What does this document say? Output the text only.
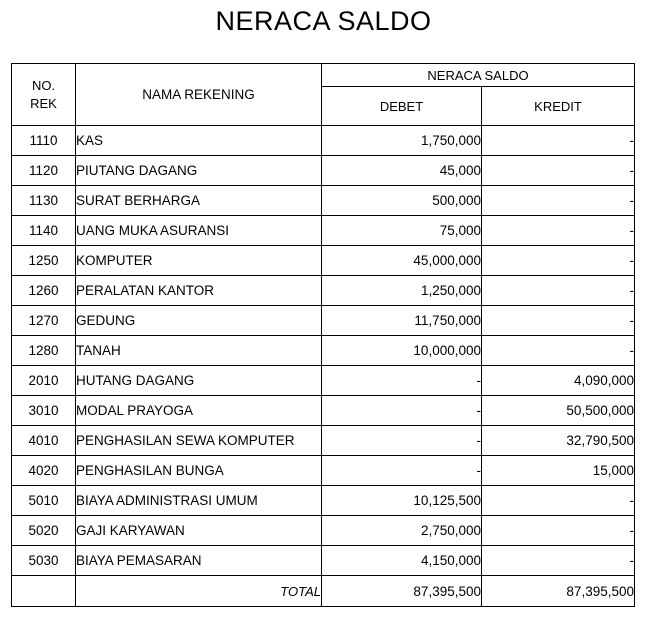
NERACA SALDO
NO.
REK	NAMA REKENING	NERACA SALDO	
		DEBET	KREDIT
1110	KAS	1,750,000	-
1120	PIUTANG DAGANG	45,000	-
1130	SURAT BERHARGA	500,000	-
1140	UANG MUKA ASURANSI	75,000	-
1250	KOMPUTER	45,000,000	-
1260	PERALATAN KANTOR	1,250,000	-
1270	GEDUNG	11,750,000	-
1280	TANAH	10,000,000	-
2010	HUTANG DAGANG	-	4,090,000
3010	MODAL PRAYOGA	-	50,500,000
4010	PENGHASILAN SEWA KOMPUTER	-	32,790,500
4020	PENGHASILAN BUNGA	-	15,000
5010	BIAYA ADMINISTRASI UMUM	10,125,500	-
5020	GAJI KARYAWAN	2,750,000	-
5030	BIAYA PEMASARAN	4,150,000	-
	TOTAL	87,395,500	87,395,500
